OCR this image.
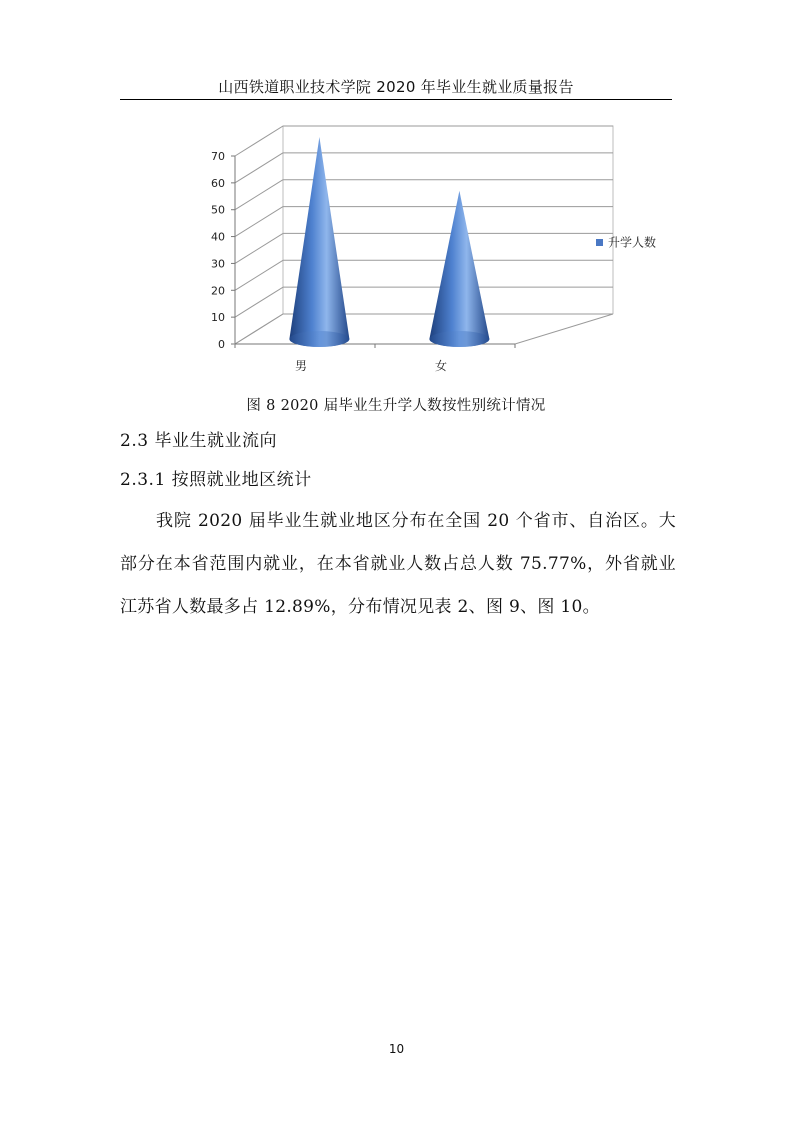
山西铁道职业技术学院 2020 年毕业生就业质量报告
0
10
20
30
40
50
60
70
男	女
升学人数
图 8 2020 届毕业生升学人数按性别统计情况
2.3 毕业生就业流向
2.3.1 按照就业地区统计

我院 2020 届毕业生就业地区分布在全国 20 个省市、自治区。大部分在本省范围内就业，在本省就业人数占总人数 75.77%，外省就业江苏省人数最多占 12.89%，分布情况见表 2、图 9、图 10。

10
